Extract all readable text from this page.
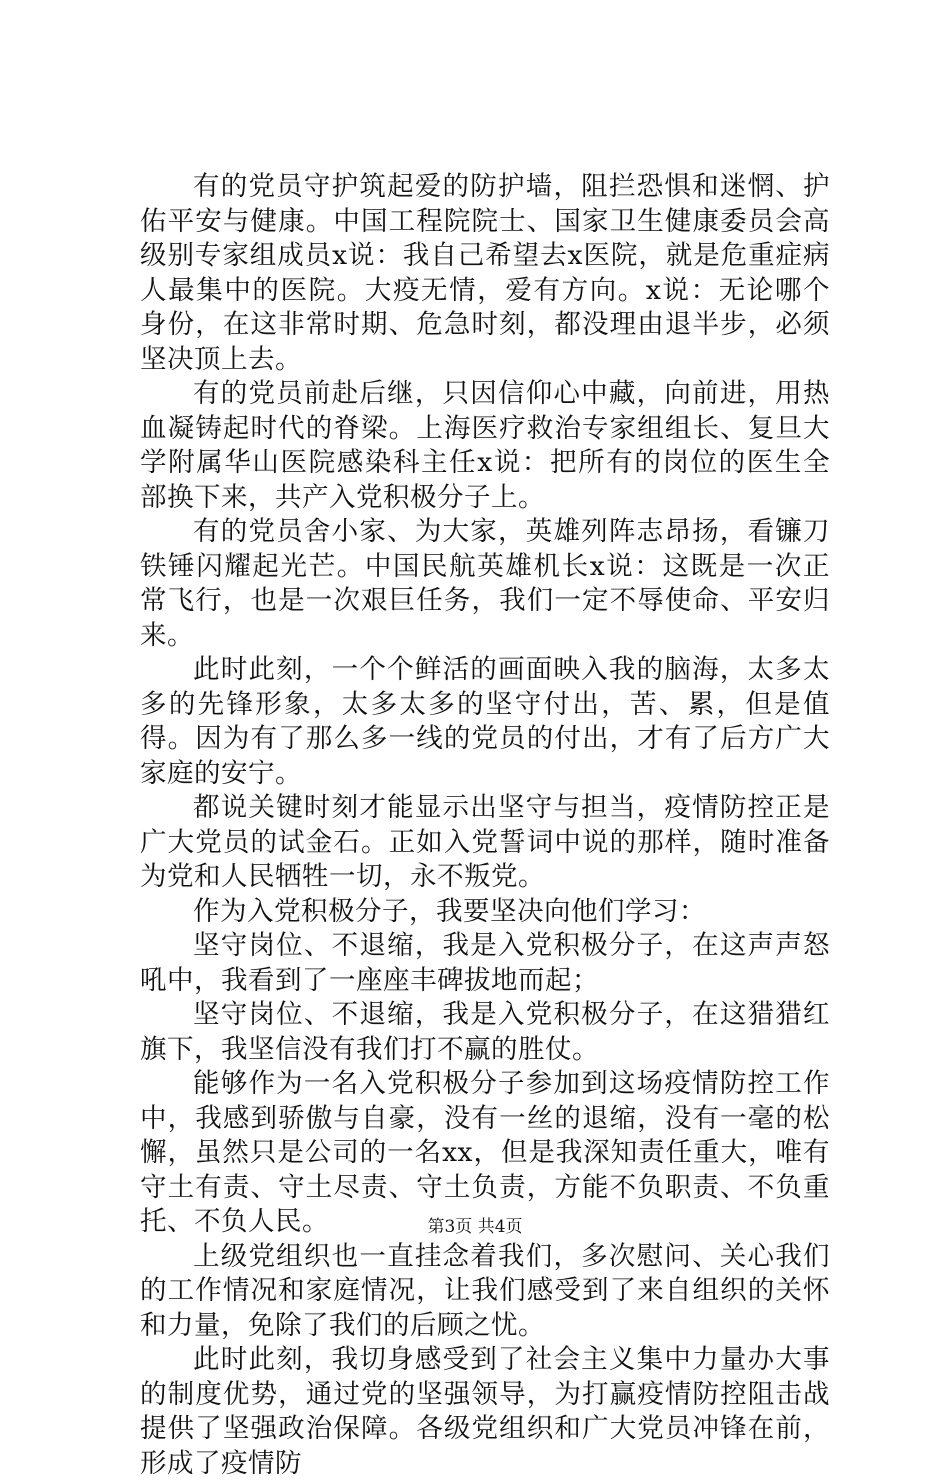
有的党员守护筑起爱的防护墙，阻拦恐惧和迷惘、护佑平安与健康。中国工程院院士、国家卫生健康委员会高级别专家组成员x说：我自己希望去x医院，就是危重症病人最集中的医院。大疫无情，爱有方向。x说：无论哪个身份，在这非常时期、危急时刻，都没理由退半步，必须坚决顶上去。

有的党员前赴后继，只因信仰心中藏，向前进，用热血凝铸起时代的脊梁。上海医疗救治专家组组长、复旦大学附属华山医院感染科主任x说：把所有的岗位的医生全部换下来，共产入党积极分子上。

有的党员舍小家、为大家，英雄列阵志昂扬，看镰刀铁锤闪耀起光芒。中国民航英雄机长x说：这既是一次正常飞行，也是一次艰巨任务，我们一定不辱使命、平安归来。

此时此刻，一个个鲜活的画面映入我的脑海，太多太多的先锋形象，太多太多的坚守付出，苦、累，但是值得。因为有了那么多一线的党员的付出，才有了后方广大家庭的安宁。

都说关键时刻才能显示出坚守与担当，疫情防控正是广大党员的试金石。正如入党誓词中说的那样，随时准备为党和人民牺牲一切，永不叛党。

作为入党积极分子，我要坚决向他们学习：

坚守岗位、不退缩，我是入党积极分子，在这声声怒吼中，我看到了一座座丰碑拔地而起；

坚守岗位、不退缩，我是入党积极分子，在这猎猎红旗下，我坚信没有我们打不赢的胜仗。

能够作为一名入党积极分子参加到这场疫情防控工作中，我感到骄傲与自豪，没有一丝的退缩，没有一毫的松懈，虽然只是公司的一名xx，但是我深知责任重大，唯有守土有责、守土尽责、守土负责，方能不负职责、不负重托、不负人民。

上级党组织也一直挂念着我们，多次慰问、关心我们的工作情况和家庭情况，让我们感受到了来自组织的关怀和力量，免除了我们的后顾之忧。

此时此刻，我切身感受到了社会主义集中力量办大事的制度优势，通过党的坚强领导，为打赢疫情防控阻击战提供了坚强政治保障。各级党组织和广大党员冲锋在前，形成了疫情防

第3页 共4页
